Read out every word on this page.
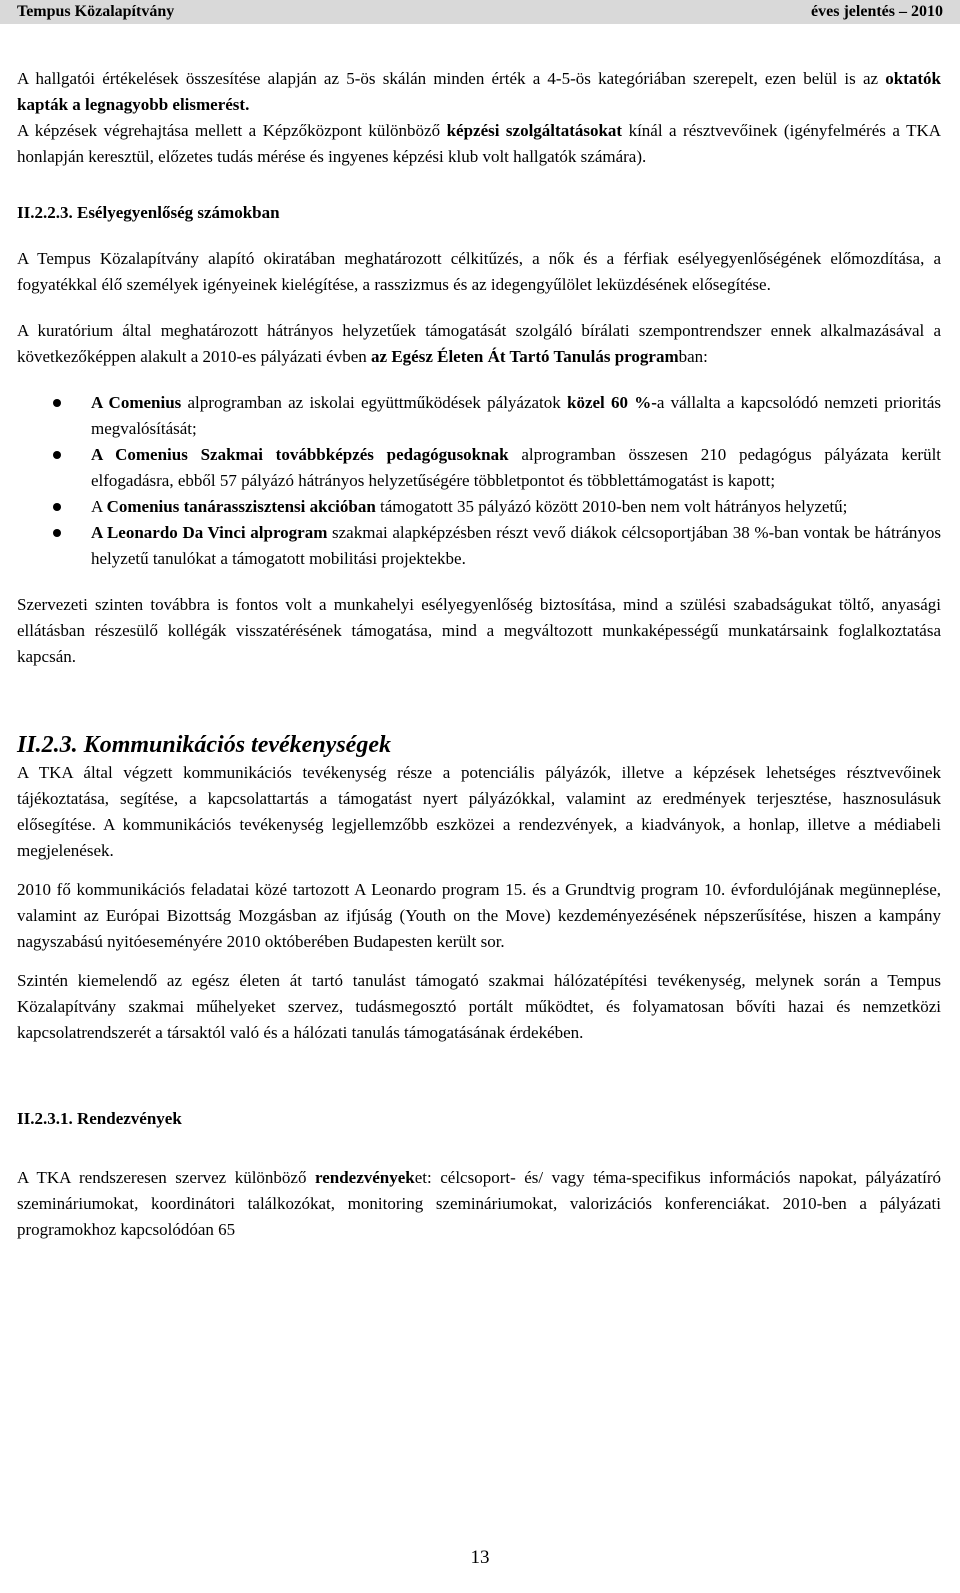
Tempus Közalapítvány	éves jelentés – 2010

A hallgatói értékelések összesítése alapján az 5-ös skálán minden érték a 4-5-ös kategóriában szerepelt, ezen belül is az oktatók kapták a legnagyobb elismerést.

A képzések végrehajtása mellett a Képzőközpont különböző képzési szolgáltatásokat kínál a résztvevőinek (igényfelmérés a TKA honlapján keresztül, előzetes tudás mérése és ingyenes képzési klub volt hallgatók számára).

II.2.2.3. Esélyegyenlőség számokban

A Tempus Közalapítvány alapító okiratában meghatározott célkitűzés, a nők és a férfiak esélyegyenlőségének előmozdítása, a fogyatékkal élő személyek igényeinek kielégítése, a rasszizmus és az idegengyűlölet leküzdésének elősegítése.

A kuratórium által meghatározott hátrányos helyzetűek támogatását szolgáló bírálati szempontrendszer ennek alkalmazásával a következőképpen alakult a 2010-es pályázati évben az Egész Életen Át Tartó Tanulás programban:

A Comenius alprogramban az iskolai együttműködések pályázatok közel 60 %-a vállalta a kapcsolódó nemzeti prioritás megvalósítását;
A Comenius Szakmai továbbképzés pedagógusoknak alprogramban összesen 210 pedagógus pályázata került elfogadásra, ebből 57 pályázó hátrányos helyzetűségére többletpontot és többlettámogatást is kapott;
A Comenius tanárasszisztensi akcióban támogatott 35 pályázó között 2010-ben nem volt hátrányos helyzetű;
A Leonardo Da Vinci alprogram szakmai alapképzésben részt vevő diákok célcsoportjában 38 %-ban vontak be hátrányos helyzetű tanulókat a támogatott mobilitási projektekbe.

Szervezeti szinten továbbra is fontos volt a munkahelyi esélyegyenlőség biztosítása, mind a szülési szabadságukat töltő, anyasági ellátásban részesülő kollégák visszatérésének támogatása, mind a megváltozott munkaképességű munkatársaink foglalkoztatása kapcsán.

II.2.3. Kommunikációs tevékenységek

A TKA által végzett kommunikációs tevékenység része a potenciális pályázók, illetve a képzések lehetséges résztvevőinek tájékoztatása, segítése, a kapcsolattartás a támogatást nyert pályázókkal, valamint az eredmények terjesztése, hasznosulásuk elősegítése. A kommunikációs tevékenység legjellemzőbb eszközei a rendezvények, a kiadványok, a honlap, illetve a médiabeli megjelenések.

2010 fő kommunikációs feladatai közé tartozott A Leonardo program 15. és a Grundtvig program 10. évfordulójának megünneplése, valamint az Európai Bizottság Mozgásban az ifjúság (Youth on the Move) kezdeményezésének népszerűsítése, hiszen a kampány nagyszabású nyitóeseményére 2010 októberében Budapesten került sor.

Szintén kiemelendő az egész életen át tartó tanulást támogató szakmai hálózatépítési tevékenység, melynek során a Tempus Közalapítvány szakmai műhelyeket szervez, tudásmegosztó portált működtet, és folyamatosan bővíti hazai és nemzetközi kapcsolatrendszerét a társaktól való és a hálózati tanulás támogatásának érdekében.

II.2.3.1. Rendezvények

A TKA rendszeresen szervez különböző rendezvényeket: célcsoport- és/ vagy téma-specifikus információs napokat, pályázatíró szemináriumokat, koordinátori találkozókat, monitoring szemináriumokat, valorizációs konferenciákat. 2010-ben a pályázati programokhoz kapcsolódóan 65

13
